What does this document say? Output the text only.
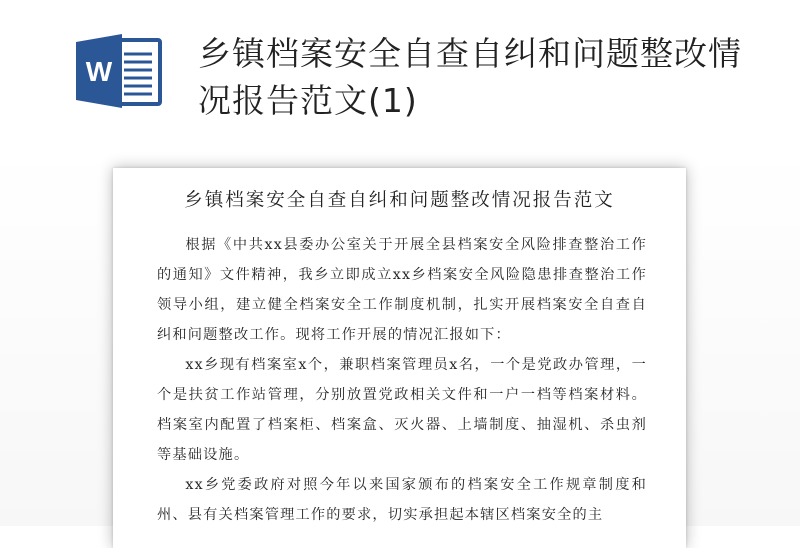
W	乡镇档案安全自查自纠和问题整改情况报告范文(1)
乡镇档案安全自查自纠和问题整改情况报告范文

根据《中共xx县委办公室关于开展全县档案安全风险排查整治工作的通知》文件精神，我乡立即成立xx乡档案安全风险隐患排查整治工作领导小组，建立健全档案安全工作制度机制，扎实开展档案安全自查自纠和问题整改工作。现将工作开展的情况汇报如下：

xx乡现有档案室x个，兼职档案管理员x名，一个是党政办管理，一个是扶贫工作站管理，分别放置党政相关文件和一户一档等档案材料。档案室内配置了档案柜、档案盒、灭火器、上墙制度、抽湿机、杀虫剂等基础设施。

xx乡党委政府对照今年以来国家颁布的档案安全工作规章制度和州、县有关档案管理工作的要求，切实承担起本辖区档案安全的主
